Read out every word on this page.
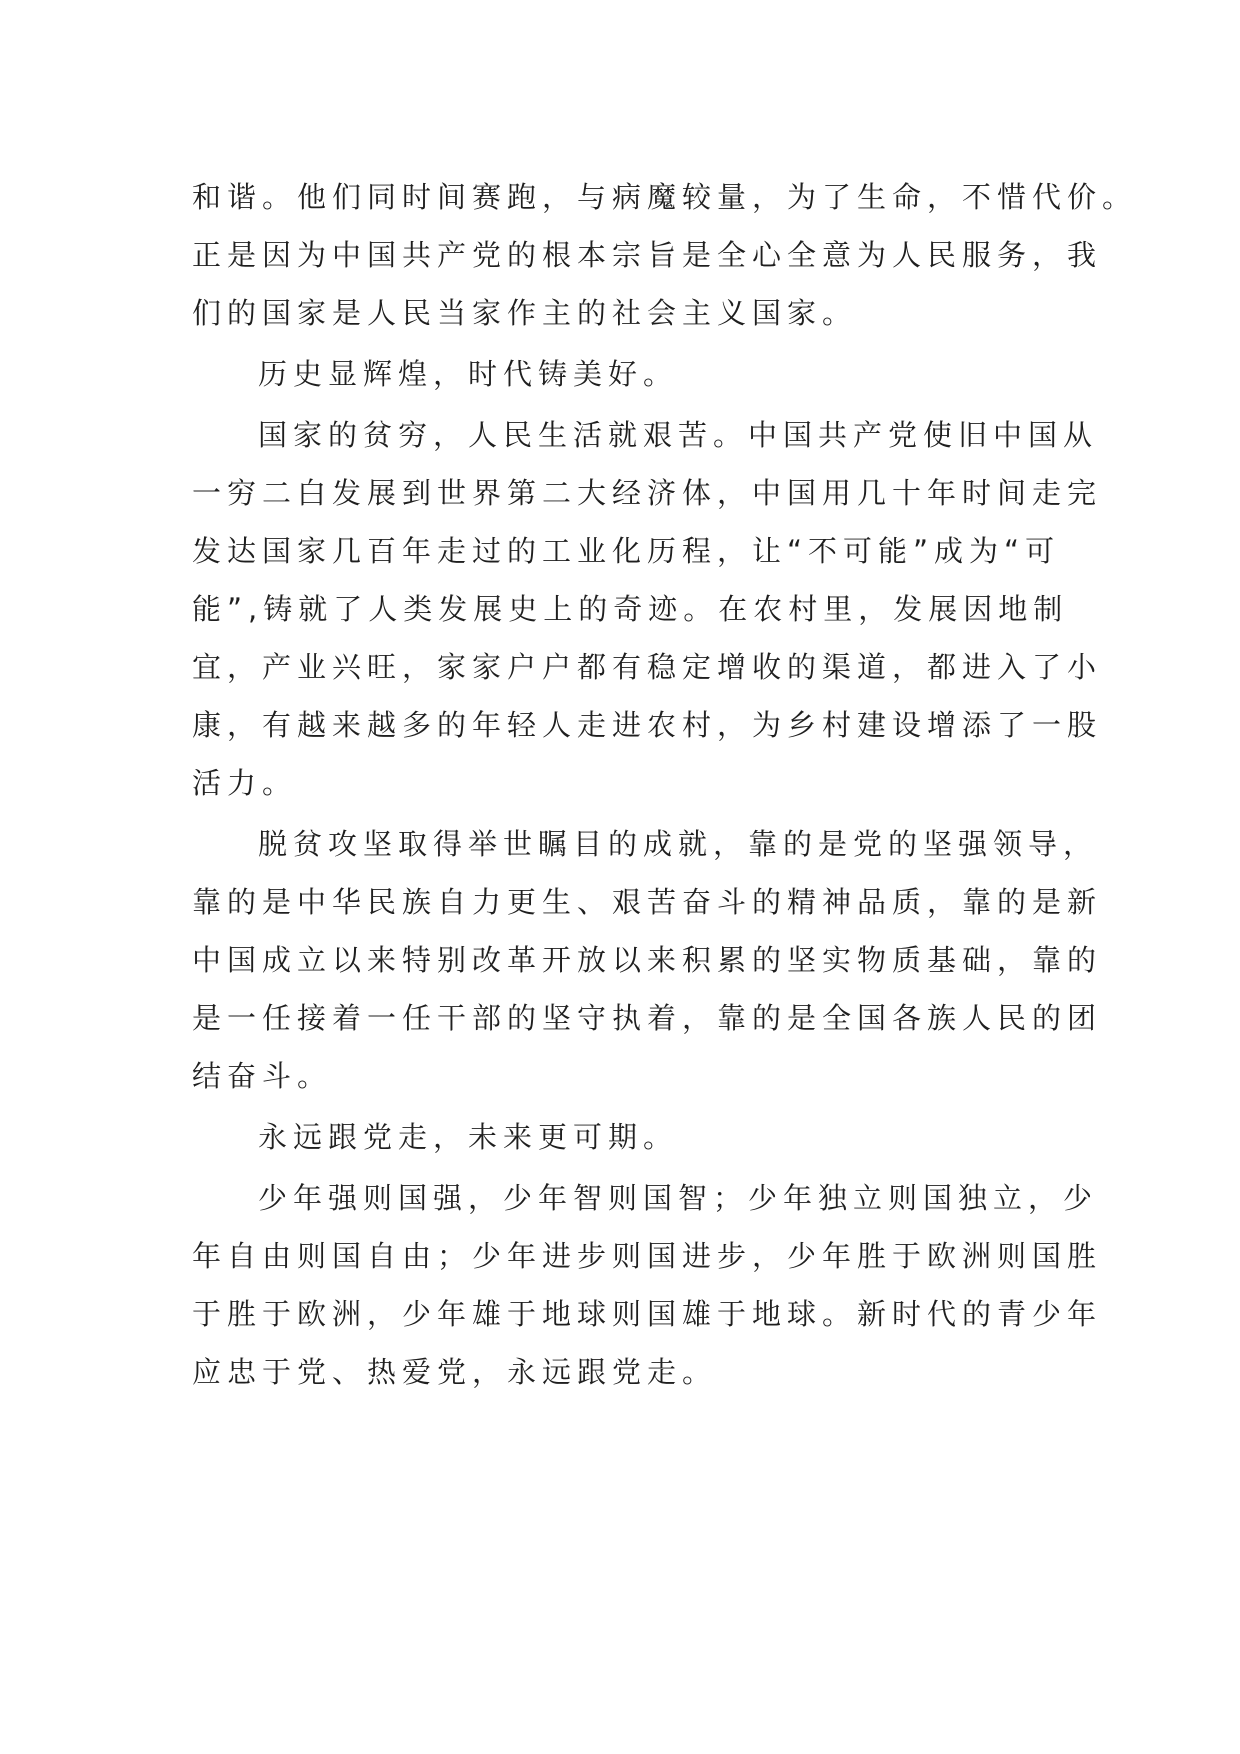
和谐。他们同时间赛跑，与病魔较量，为了生命，不惜代价。
正是因为中国共产党的根本宗旨是全心全意为人民服务，我
们的国家是人民当家作主的社会主义国家。
历史显辉煌，时代铸美好。
国家的贫穷，人民生活就艰苦。中国共产党使旧中国从
一穷二白发展到世界第二大经济体，中国用几十年时间走完
发达国家几百年走过的工业化历程，让“不可能”成为“可
能”,铸就了人类发展史上的奇迹。在农村里，发展因地制
宜，产业兴旺，家家户户都有稳定增收的渠道，都进入了小
康，有越来越多的年轻人走进农村，为乡村建设增添了一股
活力。
脱贫攻坚取得举世瞩目的成就，靠的是党的坚强领导，
靠的是中华民族自力更生、艰苦奋斗的精神品质，靠的是新
中国成立以来特别改革开放以来积累的坚实物质基础，靠的
是一任接着一任干部的坚守执着，靠的是全国各族人民的团
结奋斗。
永远跟党走，未来更可期。
少年强则国强，少年智则国智；少年独立则国独立，少
年自由则国自由；少年进步则国进步，少年胜于欧洲则国胜
于胜于欧洲，少年雄于地球则国雄于地球。新时代的青少年
应忠于党、热爱党，永远跟党走。
